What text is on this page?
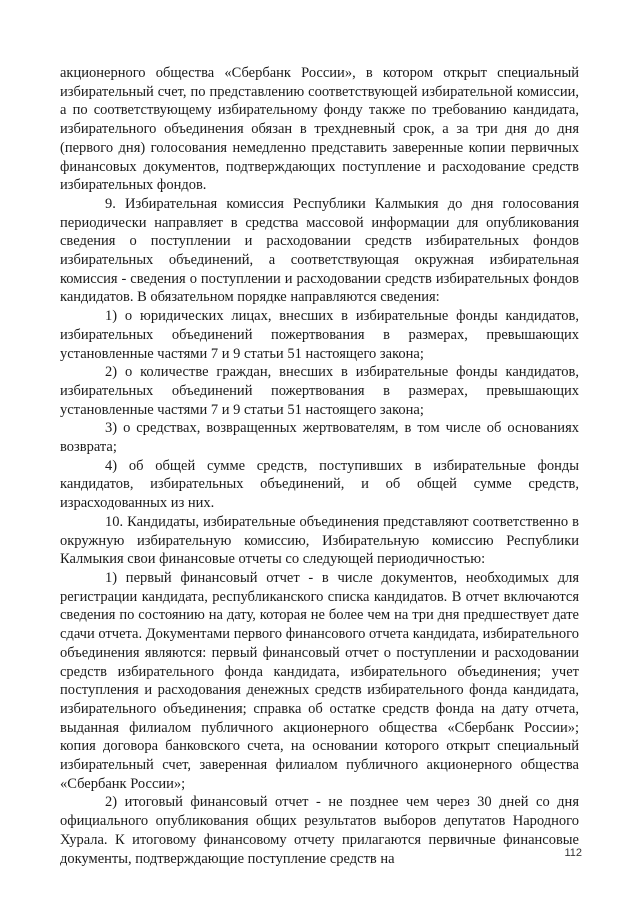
акционерного общества «Сбербанк России», в котором открыт специальный избирательный счет, по представлению соответствующей избирательной комиссии, а по соответствующему избирательному фонду также по требованию кандидата, избирательного объединения обязан в трехдневный срок, а за три дня до дня (первого дня) голосования немедленно представить заверенные копии первичных финансовых документов, подтверждающих поступление и расходование средств избирательных фондов.

9. Избирательная комиссия Республики Калмыкия до дня голосования периодически направляет в средства массовой информации для опубликования сведения о поступлении и расходовании средств избирательных фондов избирательных объединений, а соответствующая окружная избирательная комиссия - сведения о поступлении и расходовании средств избирательных фондов кандидатов. В обязательном порядке направляются сведения:

1) о юридических лицах, внесших в избирательные фонды кандидатов, избирательных объединений пожертвования в размерах, превышающих установленные частями 7 и 9 статьи 51 настоящего закона;

2) о количестве граждан, внесших в избирательные фонды кандидатов, избирательных объединений пожертвования в размерах, превышающих установленные частями 7 и 9 статьи 51 настоящего закона;

3) о средствах, возвращенных жертвователям, в том числе об основаниях возврата;

4) об общей сумме средств, поступивших в избирательные фонды кандидатов, избирательных объединений, и об общей сумме средств, израсходованных из них.

10. Кандидаты, избирательные объединения представляют соответственно в окружную избирательную комиссию, Избирательную комиссию Республики Калмыкия свои финансовые отчеты со следующей периодичностью:

1) первый финансовый отчет - в числе документов, необходимых для регистрации кандидата, республиканского списка кандидатов. В отчет включаются сведения по состоянию на дату, которая не более чем на три дня предшествует дате сдачи отчета. Документами первого финансового отчета кандидата, избирательного объединения являются: первый финансовый отчет о поступлении и расходовании средств избирательного фонда кандидата, избирательного объединения; учет поступления и расходования денежных средств избирательного фонда кандидата, избирательного объединения; справка об остатке средств фонда на дату отчета, выданная филиалом публичного акционерного общества «Сбербанк России»; копия договора банковского счета, на основании которого открыт специальный избирательный счет, заверенная филиалом публичного акционерного общества «Сбербанк России»;

2) итоговый финансовый отчет - не позднее чем через 30 дней со дня официального опубликования общих результатов выборов депутатов Народного Хурала. К итоговому финансовому отчету прилагаются первичные финансовые документы, подтверждающие поступление средств на	112
